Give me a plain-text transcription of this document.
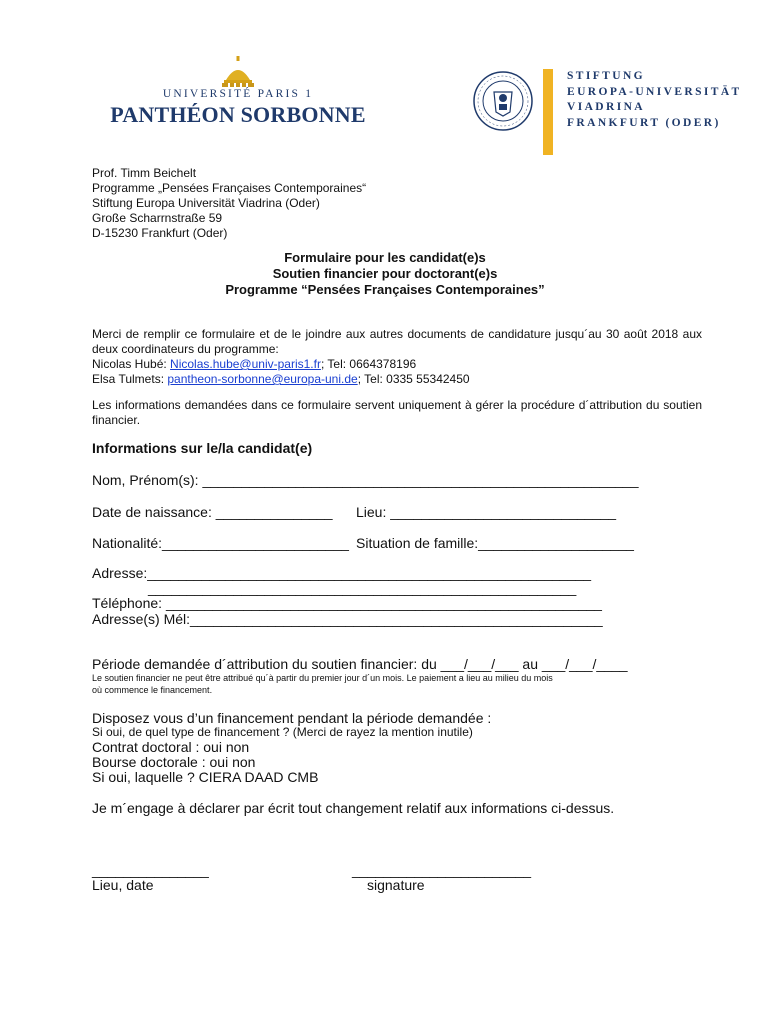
UNIVERSITÉ PARIS 1
PANTHÉON SORBONNE
STIFTUNG
EUROPA-UNIVERSITÄT
VIADRINA
FRANKFURT (ODER)
Prof. Timm Beichelt
Programme „Pensées Françaises Contemporaines“
Stiftung Europa Universität Viadrina (Oder)
Große Scharrnstraße 59
D-15230 Frankfurt (Oder)
Formulaire pour les candidat(e)s
Soutien financier pour doctorant(e)s
Programme “Pensées Françaises Contemporaines”
Merci de remplir ce formulaire et de le joindre aux autres documents de candidature jusqu´au 30 août 2018 aux deux coordinateurs du programme:
Nicolas Hubé: Nicolas.hube@univ-paris1.fr; Tel: 0664378196
Elsa Tulmets: pantheon-sorbonne@europa-uni.de; Tel: 0335 55342450
Les informations demandées dans ce formulaire servent uniquement à gérer la procédure d´attribution du soutien financier.
Informations sur le/la candidat(e)
Nom, Prénom(s): ________________________________________________________
Date de naissance: _______________ Lieu: _____________________________
Nationalité:________________________ Situation de famille:____________________
Adresse:_________________________________________________________
_______________________________________________________
Téléphone: ________________________________________________________
Adresse(s) Mél:_____________________________________________________
Période demandée d´attribution du soutien financier: du ___/___/___ au ___/___/____
Le soutien financier ne peut être attribué qu´à partir du premier jour d´un mois. Le paiement a lieu au milieu du mois
où commence le financement.
Disposez vous d’un financement pendant la période demandée :
Si oui, de quel type de financement ? (Merci de rayez la mention inutile)
Contrat doctoral : oui non
Bourse doctorale : oui non
Si oui, laquelle ? CIERA DAAD CMB
Je m´engage à déclarer par écrit tout changement relatif aux informations ci-dessus.
_______________	_______________________
Lieu, date	signature
